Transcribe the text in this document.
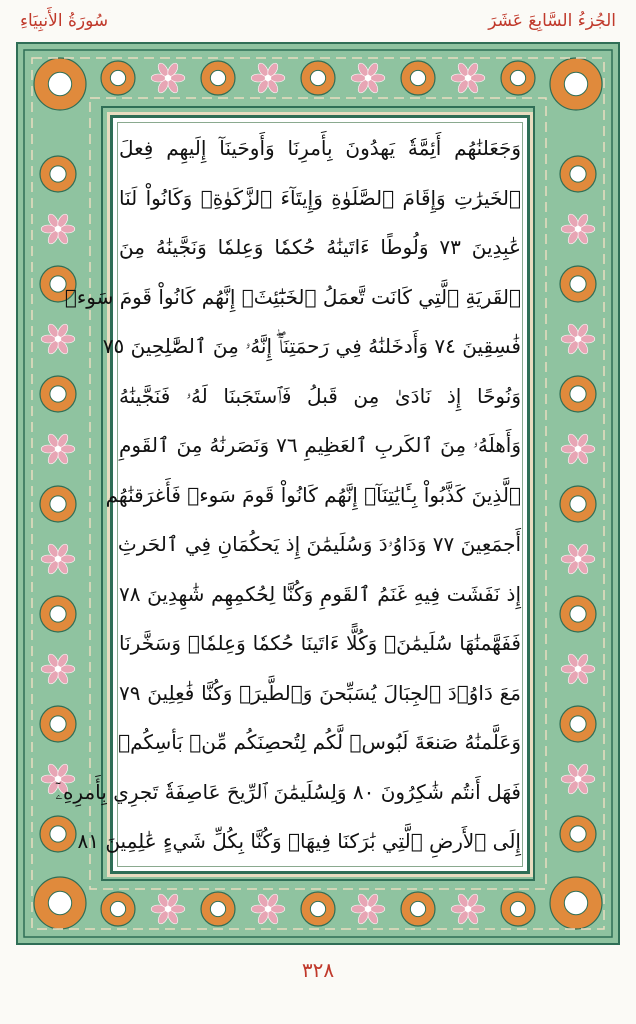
سُورَةُ الأَنبِيَاءِ	الجُزءُ السَّابِعَ عَشَرَ
وَجَعَلنَٰهُم أَئِمَّةٗ يَهدُونَ بِأَمرِنَا وَأَوحَينَآ إِلَيهِم فِعلَ
ٱلخَيرَٰتِ وَإِقَامَ ٱلصَّلَوٰةِ وَإِيتَآءَ ٱلزَّكَوٰةِۖ وَكَانُواْ لَنَا
عَٰبِدِينَ ٧٣ وَلُوطًا ءَاتَينَٰهُ حُكمٗا وَعِلمٗا وَنَجَّينَٰهُ مِنَ
ٱلقَريَةِ ٱلَّتِي كَانَت تَّعمَلُ ٱلخَبَٰٓئِثَۚ إِنَّهُم كَانُواْ قَومَ سَوءٖ
فَٰسِقِينَ ٧٤ وَأَدخَلنَٰهُ فِي رَحمَتِنَآۖ إِنَّهُۥ مِنَ ٱلصَّٰلِحِينَ ٧٥
وَنُوحًا إِذ نَادَىٰ مِن قَبلُ فَٱستَجَبنَا لَهُۥ فَنَجَّينَٰهُ
وَأَهلَهُۥ مِنَ ٱلكَربِ ٱلعَظِيمِ ٧٦ وَنَصَرنَٰهُ مِنَ ٱلقَومِ
ٱلَّذِينَ كَذَّبُواْ بِـَٔايَٰتِنَآۚ إِنَّهُم كَانُواْ قَومَ سَوءٖ فَأَغرَقنَٰهُم
أَجمَعِينَ ٧٧ وَدَاوُۥدَ وَسُلَيمَٰنَ إِذ يَحكُمَانِ فِي ٱلحَرثِ
إِذ نَفَشَت فِيهِ غَنَمُ ٱلقَومِ وَكُنَّا لِحُكمِهِم شَٰهِدِينَ ٧٨
فَفَهَّمنَٰهَا سُلَيمَٰنَۚ وَكُلًّا ءَاتَينَا حُكمٗا وَعِلمٗاۚ وَسَخَّرنَا
مَعَ دَاوُۥدَ ٱلجِبَالَ يُسَبِّحنَ وَٱلطَّيرَۚ وَكُنَّا فَٰعِلِينَ ٧٩
وَعَلَّمنَٰهُ صَنعَةَ لَبُوسٖ لَّكُم لِتُحصِنَكُم مِّنۢ بَأسِكُمۖ
فَهَل أَنتُم شَٰكِرُونَ ٨٠ وَلِسُلَيمَٰنَ ٱلرِّيحَ عَاصِفَةٗ تَجرِي بِأَمرِهِۦٓ
إِلَى ٱلأَرضِ ٱلَّتِي بَٰرَكنَا فِيهَاۚ وَكُنَّا بِكُلِّ شَيءٍ عَٰلِمِينَ ٨١
٣٢٨
